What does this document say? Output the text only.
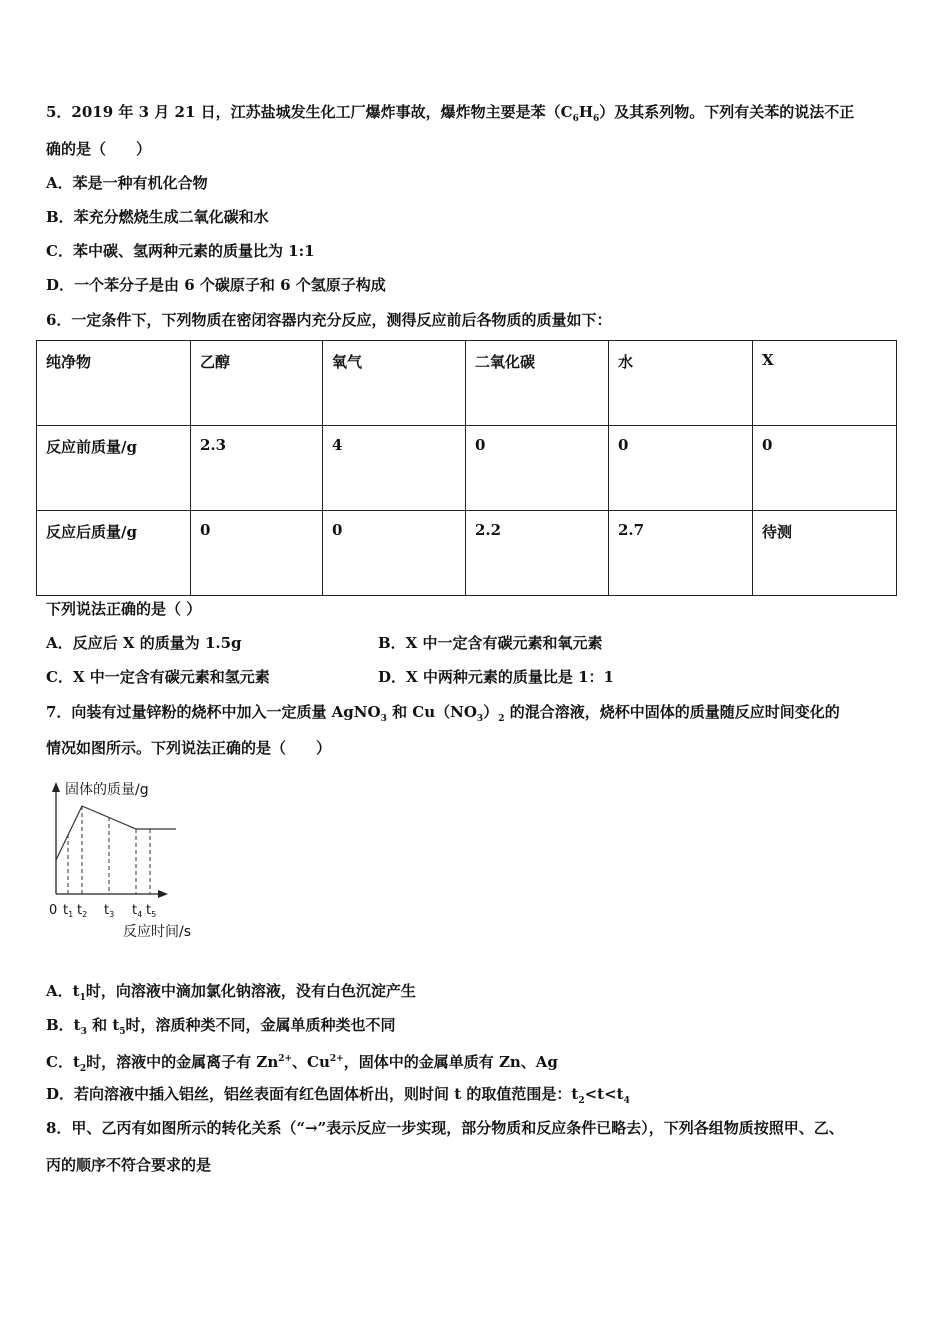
5．2019 年 3 月 21 日，江苏盐城发生化工厂爆炸事故，爆炸物主要是苯$(C_6H_6)$及其系列物。下列有关苯的说法不正
确的是（　　）
A．苯是一种有机化合物
B．苯充分燃烧生成二氧化碳和水
C．苯中碳、氢两种元素的质量比为 1:1
D．一个苯分子是由 6 个碳原子和 6 个氢原子构成
6．一定条件下，下列物质在密闭容器内充分反应，测得反应前后各物质的质量如下：
纯净物	乙醇	氧气	二氧化碳	水	X
反应前质量/g	2.3	4	0	0	0
反应后质量/g	0	0	2.2	2.7	待测
下列说法正确的是（ ）
A．反应后 X 的质量为 1.5g	B．X 中一定含有碳元素和氧元素
C．X 中一定含有碳元素和氢元素	D．X 中两种元素的质量比是 1：1
7．向装有过量锌粉的烧杯中加入一定质量 AgNO$_3$ 和 $Cu(NO_3)_2$ 的混合溶液，烧杯中固体的质量随反应时间变化的
情况如图所示。下列说法正确的是（　　）
固体的质量/g
0 $t_1$ $t_2$ $t_3$ $t_4$ $t_5$
反应时间/s
A．$t_1$时，向溶液中滴加氯化钠溶液，没有白色沉淀产生
B．$t_3$ 和 $t_5$时，溶质种类不同，金属单质种类也不同
C．$t_2$时，溶液中的金属离子有 $Zn^{2+}$、$Cu^{2+}$，固体中的金属单质有 Zn、Ag
D．若向溶液中插入铝丝，铝丝表面有红色固体析出，则时间 t 的取值范围是：$t_2<t<t_4$
8．甲、乙丙有如图所示的转化关系（“→”表示反应一步实现，部分物质和反应条件已略去），下列各组物质按照甲、乙、
丙的顺序不符合要求的是
